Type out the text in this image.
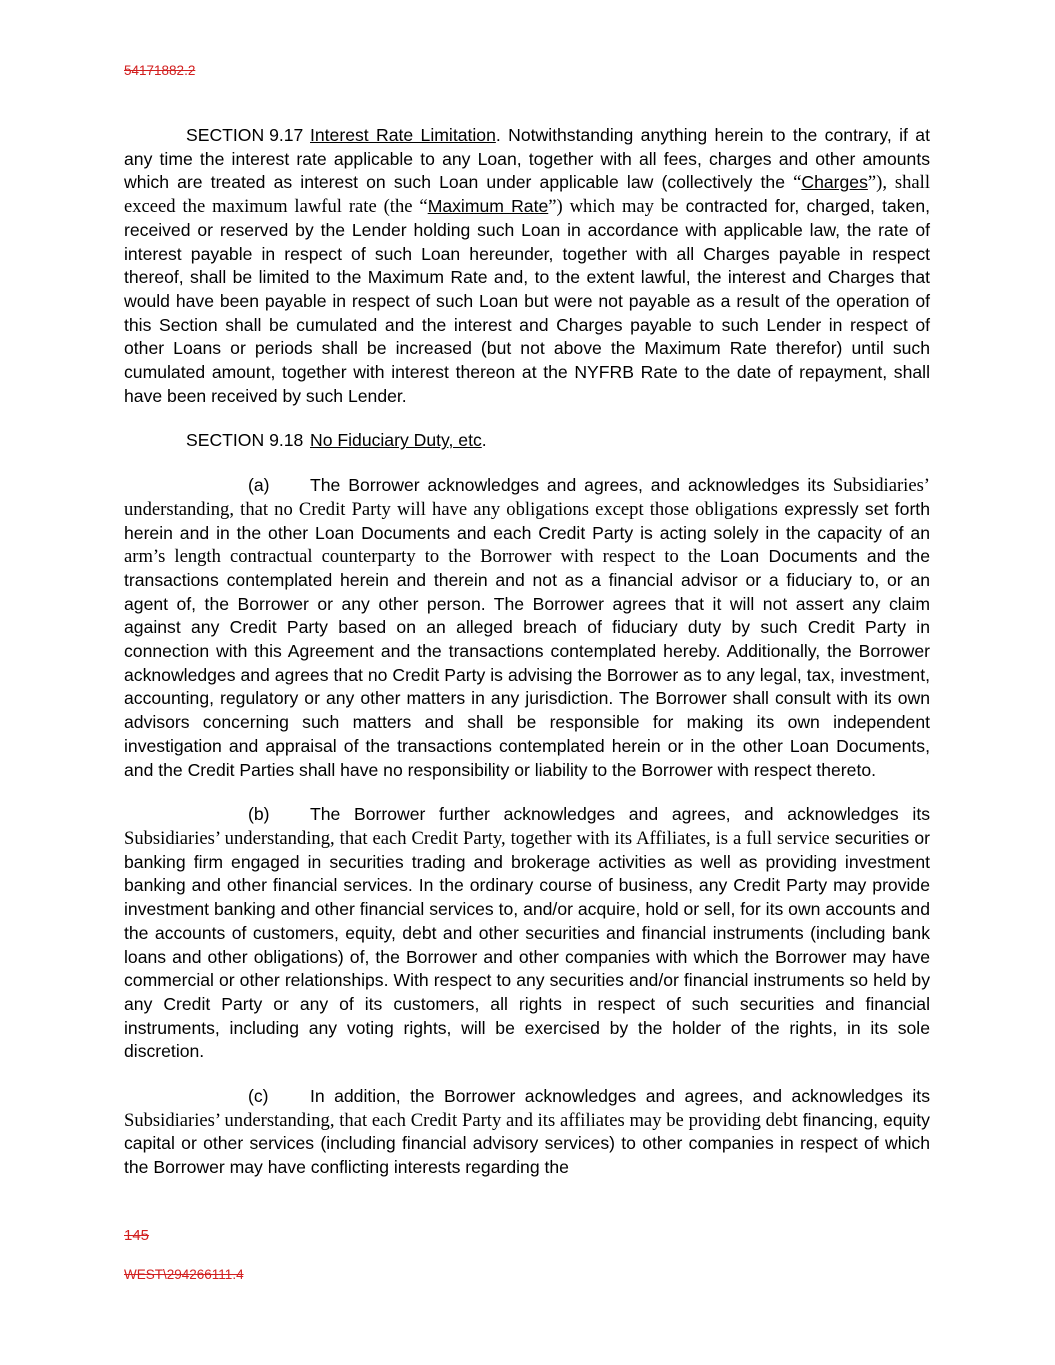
54171882.2

SECTION 9.17 Interest Rate Limitation. Notwithstanding anything herein to the contrary, if at any time the interest rate applicable to any Loan, together with all fees, charges and other amounts which are treated as interest on such Loan under applicable law (collectively the “Charges”), shall exceed the maximum lawful rate (the “Maximum Rate”) which may be contracted for, charged, taken, received or reserved by the Lender holding such Loan in accordance with applicable law, the rate of interest payable in respect of such Loan hereunder, together with all Charges payable in respect thereof, shall be limited to the Maximum Rate and, to the extent lawful, the interest and Charges that would have been payable in respect of such Loan but were not payable as a result of the operation of this Section shall be cumulated and the interest and Charges payable to such Lender in respect of other Loans or periods shall be increased (but not above the Maximum Rate therefor) until such cumulated amount, together with interest thereon at the NYFRB Rate to the date of repayment, shall have been received by such Lender.

SECTION 9.18 No Fiduciary Duty, etc.

(a) The Borrower acknowledges and agrees, and acknowledges its Subsidiaries’ understanding, that no Credit Party will have any obligations except those obligations expressly set forth herein and in the other Loan Documents and each Credit Party is acting solely in the capacity of an arm’s length contractual counterparty to the Borrower with respect to the Loan Documents and the transactions contemplated herein and therein and not as a financial advisor or a fiduciary to, or an agent of, the Borrower or any other person. The Borrower agrees that it will not assert any claim against any Credit Party based on an alleged breach of fiduciary duty by such Credit Party in connection with this Agreement and the transactions contemplated hereby. Additionally, the Borrower acknowledges and agrees that no Credit Party is advising the Borrower as to any legal, tax, investment, accounting, regulatory or any other matters in any jurisdiction. The Borrower shall consult with its own advisors concerning such matters and shall be responsible for making its own independent investigation and appraisal of the transactions contemplated herein or in the other Loan Documents, and the Credit Parties shall have no responsibility or liability to the Borrower with respect thereto.

(b) The Borrower further acknowledges and agrees, and acknowledges its Subsidiaries’ understanding, that each Credit Party, together with its Affiliates, is a full service securities or banking firm engaged in securities trading and brokerage activities as well as providing investment banking and other financial services. In the ordinary course of business, any Credit Party may provide investment banking and other financial services to, and/or acquire, hold or sell, for its own accounts and the accounts of customers, equity, debt and other securities and financial instruments (including bank loans and other obligations) of, the Borrower and other companies with which the Borrower may have commercial or other relationships. With respect to any securities and/or financial instruments so held by any Credit Party or any of its customers, all rights in respect of such securities and financial instruments, including any voting rights, will be exercised by the holder of the rights, in its sole discretion.

(c) In addition, the Borrower acknowledges and agrees, and acknowledges its Subsidiaries’ understanding, that each Credit Party and its affiliates may be providing debt financing, equity capital or other services (including financial advisory services) to other companies in respect of which the Borrower may have conflicting interests regarding the

145
WEST\294266111.4
